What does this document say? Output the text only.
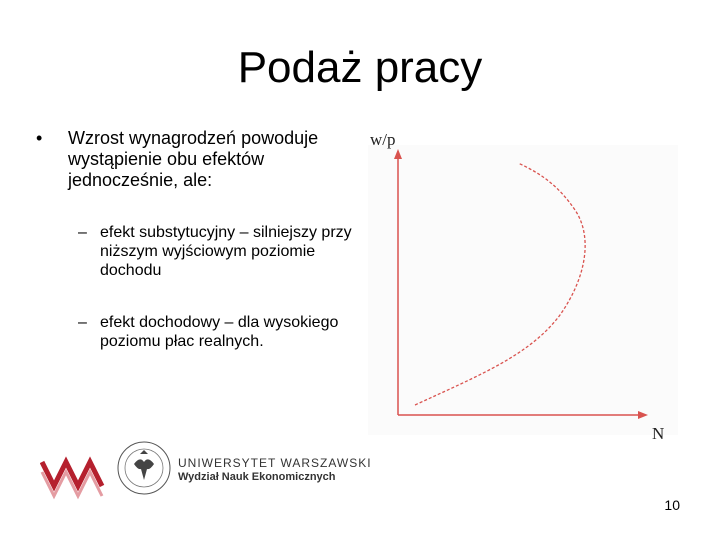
Podaż pracy
• Wzrost wynagrodzeń powoduje wystąpienie obu efektów jednocześnie, ale:
– efekt substytucyjny – silniejszy przy niższym wyjściowym poziomie dochodu
– efekt dochodowy – dla wysokiego poziomu płac realnych.
w/p
N
UNIWERSYTET WARSZAWSKI
Wydział Nauk Ekonomicznych
10
